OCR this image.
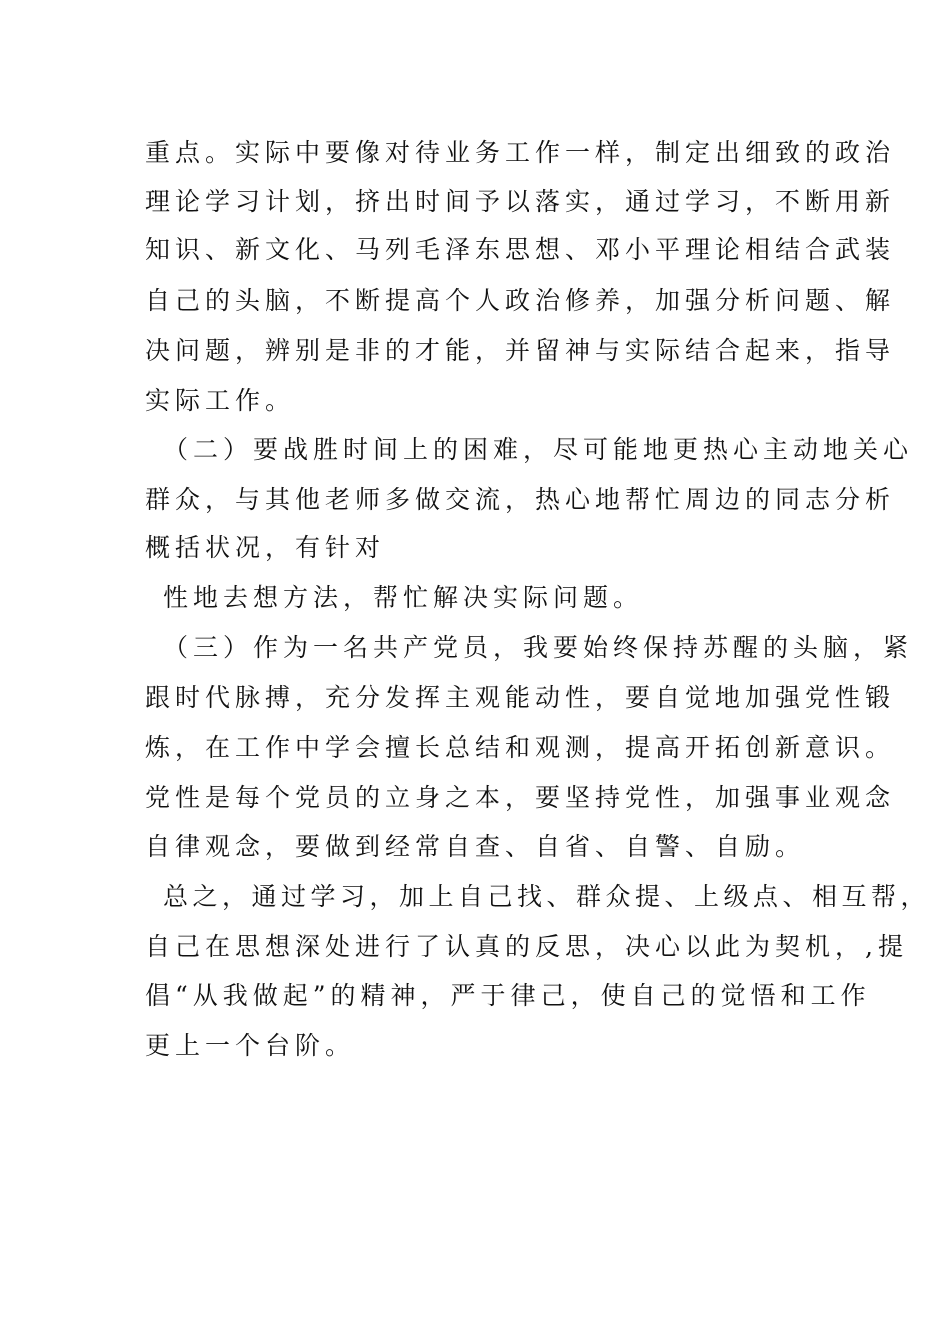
重点。实际中要像对待业务工作一样，制定出细致的政治
理论学习计划，挤出时间予以落实，通过学习，不断用新
知识、新文化、马列毛泽东思想、邓小平理论相结合武装
自己的头脑，不断提高个人政治修养，加强分析问题、解
决问题，辨别是非的才能，并留神与实际结合起来，指导
实际工作。
（二）要战胜时间上的困难，尽可能地更热心主动地关心
群众，与其他老师多做交流，热心地帮忙周边的同志分析
概括状况，有针对
性地去想方法，帮忙解决实际问题。
（三）作为一名共产党员，我要始终保持苏醒的头脑，紧
跟时代脉搏，充分发挥主观能动性，要自觉地加强党性锻
炼，在工作中学会擅长总结和观测，提高开拓创新意识。
党性是每个党员的立身之本，要坚持党性，加强事业观念
自律观念，要做到经常自查、自省、自警、自励。
总之，通过学习，加上自己找、群众提、上级点、相互帮，
自己在思想深处进行了认真的反思，决心以此为契机，,提
倡“从我做起”的精神，严于律己，使自己的觉悟和工作
更上一个台阶。
